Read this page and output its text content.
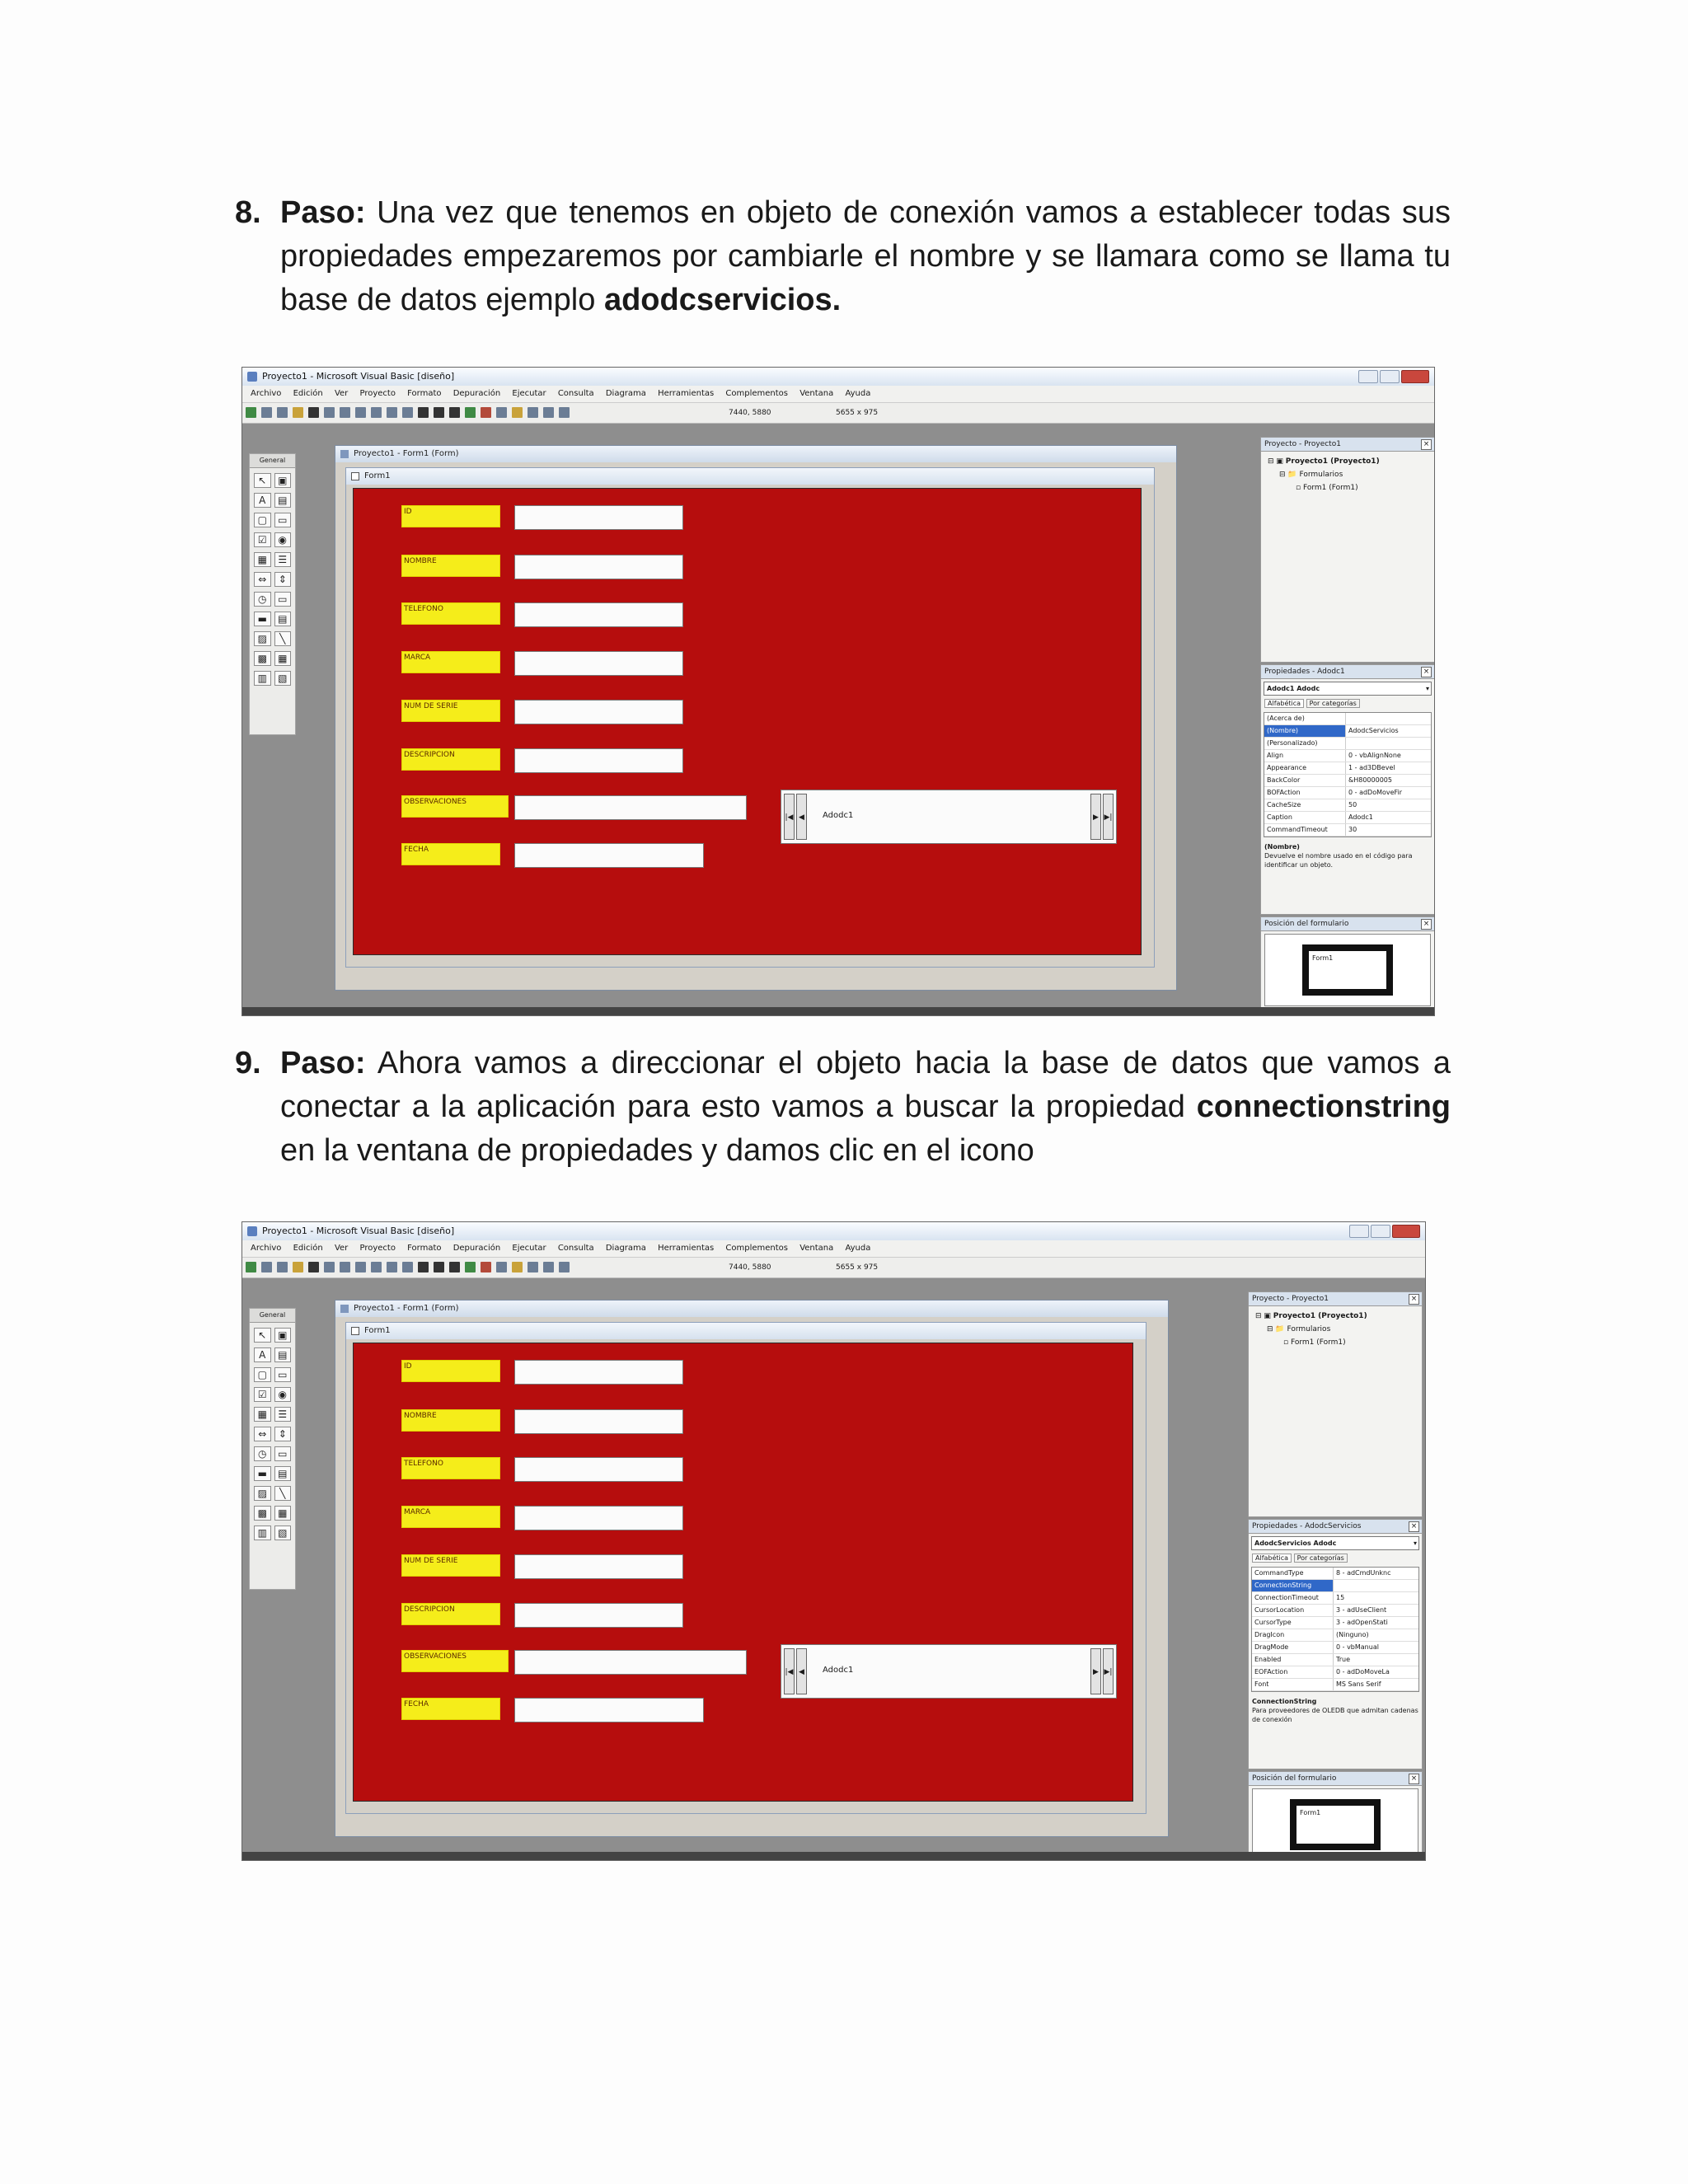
8. Paso: Una vez que tenemos en objeto de conexión vamos a establecer todas sus propiedades empezaremos por cambiarle el nombre y se llamara como se llama tu base de datos ejemplo adodcservicios.
Proyecto1 - Microsoft Visual Basic [diseño]
Archivo Edición Ver Proyecto Formato Depuración Ejecutar Consulta Diagrama Herramientas Complementos Ventana Ayuda
7440, 5880	5655 x 975
General
↖	▣
A	▤
▢	▭
☑	◉
▦	☰
⇔	⇕
◷	▭
▬	▤
▨	╲
▩	▦
▥	▧
Proyecto1 - Form1 (Form)
Form1
ID
NOMBRE
TELEFONO
MARCA
NUM DE SERIE
DESCRIPCION
OBSERVACIONES
FECHA
|◀ ◀	Adodc1	▶ ▶|
Proyecto - Proyecto1	×
⊟ ▣ Proyecto1 (Proyecto1)
⊟ 📁 Formularios
▫ Form1 (Form1)
Propiedades - Adodc1	×
Adodc1 Adodc	▾
Alfabética Por categorías
(Acerca de)
(Nombre)	AdodcServicios
(Personalizado)
Align	0 - vbAlignNone
Appearance	1 - ad3DBevel
BackColor	&H80000005
BOFAction	0 - adDoMoveFir
CacheSize	50
Caption	Adodc1
CommandTimeout	30
(Nombre)
Devuelve el nombre usado en el código para identificar un objeto.
Posición del formulario	×
Form1
9. Paso: Ahora vamos a direccionar el objeto hacia la base de datos que vamos a conectar a la aplicación para esto vamos a buscar la propiedad connectionstring en la ventana de propiedades y damos clic en el icono
Proyecto1 - Microsoft Visual Basic [diseño]
Archivo Edición Ver Proyecto Formato Depuración Ejecutar Consulta Diagrama Herramientas Complementos Ventana Ayuda
7440, 5880	5655 x 975
General
↖	▣
A	▤
▢	▭
☑	◉
▦	☰
⇔	⇕
◷	▭
▬	▤
▨	╲
▩	▦
▥	▧
Proyecto1 - Form1 (Form)
Form1
ID
NOMBRE
TELEFONO
MARCA
NUM DE SERIE
DESCRIPCION
OBSERVACIONES
FECHA
|◀ ◀	Adodc1	▶ ▶|
Proyecto - Proyecto1	×
⊟ ▣ Proyecto1 (Proyecto1)
⊟ 📁 Formularios
▫ Form1 (Form1)
Propiedades - AdodcServicios	×
AdodcServicios Adodc	▾
Alfabética Por categorías
CommandType	8 - adCmdUnknc
ConnectionString
ConnectionTimeout	15
CursorLocation	3 - adUseClient
CursorType	3 - adOpenStati
DragIcon	(Ninguno)
DragMode	0 - vbManual
Enabled	True
EOFAction	0 - adDoMoveLa
Font	MS Sans Serif
ConnectionString
Para proveedores de OLEDB que admitan cadenas de conexión
Posición del formulario	×
Form1
